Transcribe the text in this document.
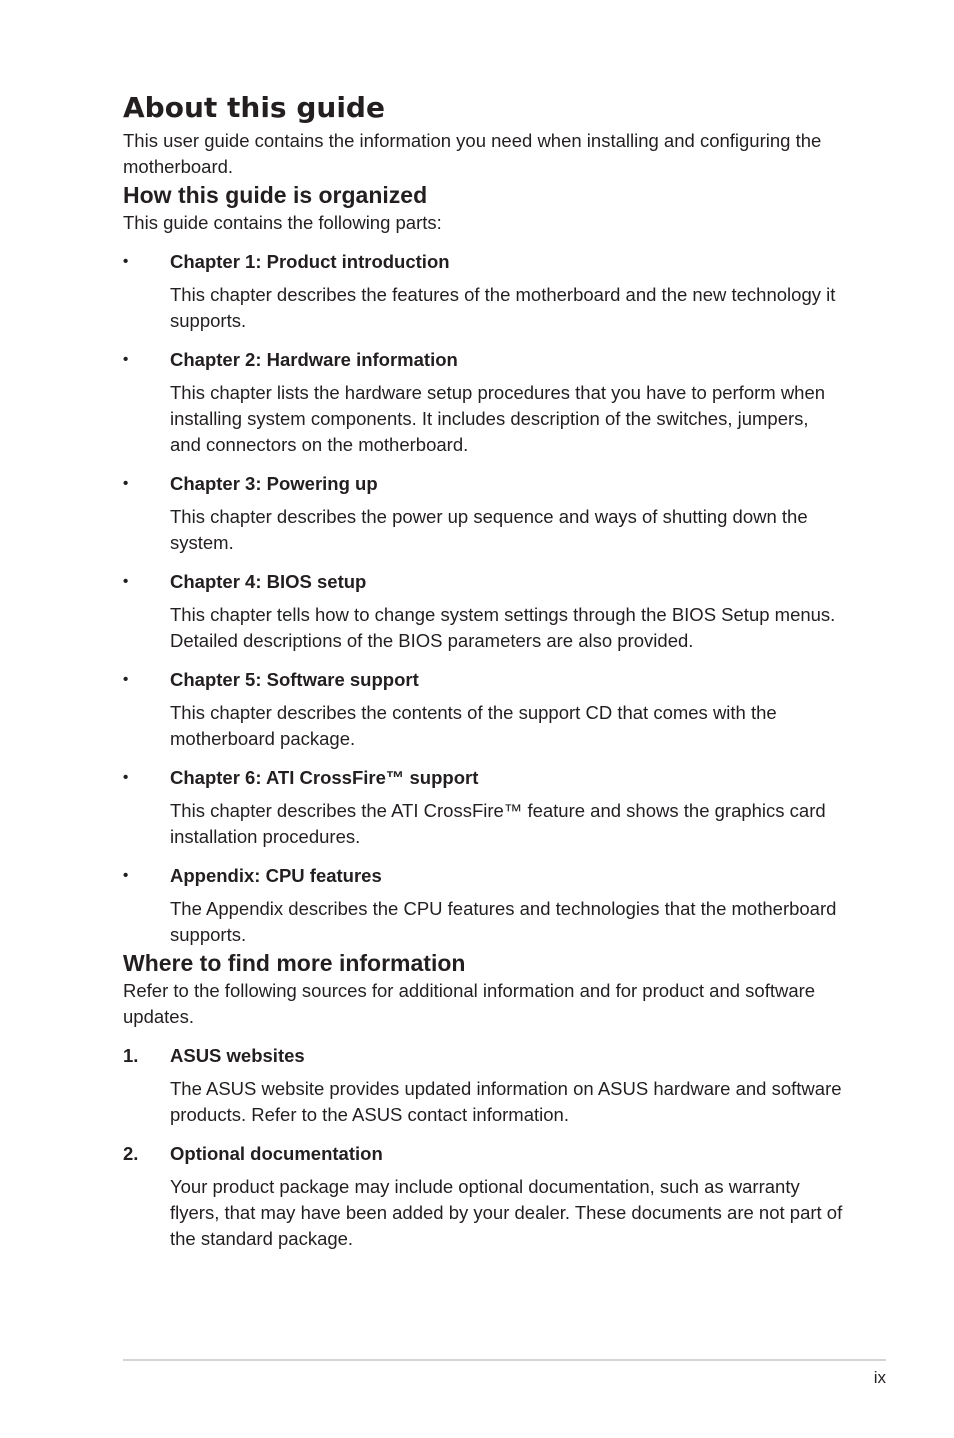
About this guide

This user guide contains the information you need when installing and configuring the motherboard.

How this guide is organized

This guide contains the following parts:

• Chapter 1: Product introduction

This chapter describes the features of the motherboard and the new technology it supports.

• Chapter 2: Hardware information

This chapter lists the hardware setup procedures that you have to perform when installing system components. It includes description of the switches, jumpers, and connectors on the motherboard.

• Chapter 3: Powering up

This chapter describes the power up sequence and ways of shutting down the system.

• Chapter 4: BIOS setup

This chapter tells how to change system settings through the BIOS Setup menus. Detailed descriptions of the BIOS parameters are also provided.

• Chapter 5: Software support

This chapter describes the contents of the support CD that comes with the motherboard package.

• Chapter 6: ATI CrossFire™ support

This chapter describes the ATI CrossFire™ feature and shows the graphics card installation procedures.

• Appendix: CPU features

The Appendix describes the CPU features and technologies that the motherboard supports.

Where to find more information

Refer to the following sources for additional information and for product and software updates.

1. ASUS websites

The ASUS website provides updated information on ASUS hardware and software products. Refer to the ASUS contact information.

2. Optional documentation

Your product package may include optional documentation, such as warranty flyers, that may have been added by your dealer. These documents are not part of the standard package.

ix
